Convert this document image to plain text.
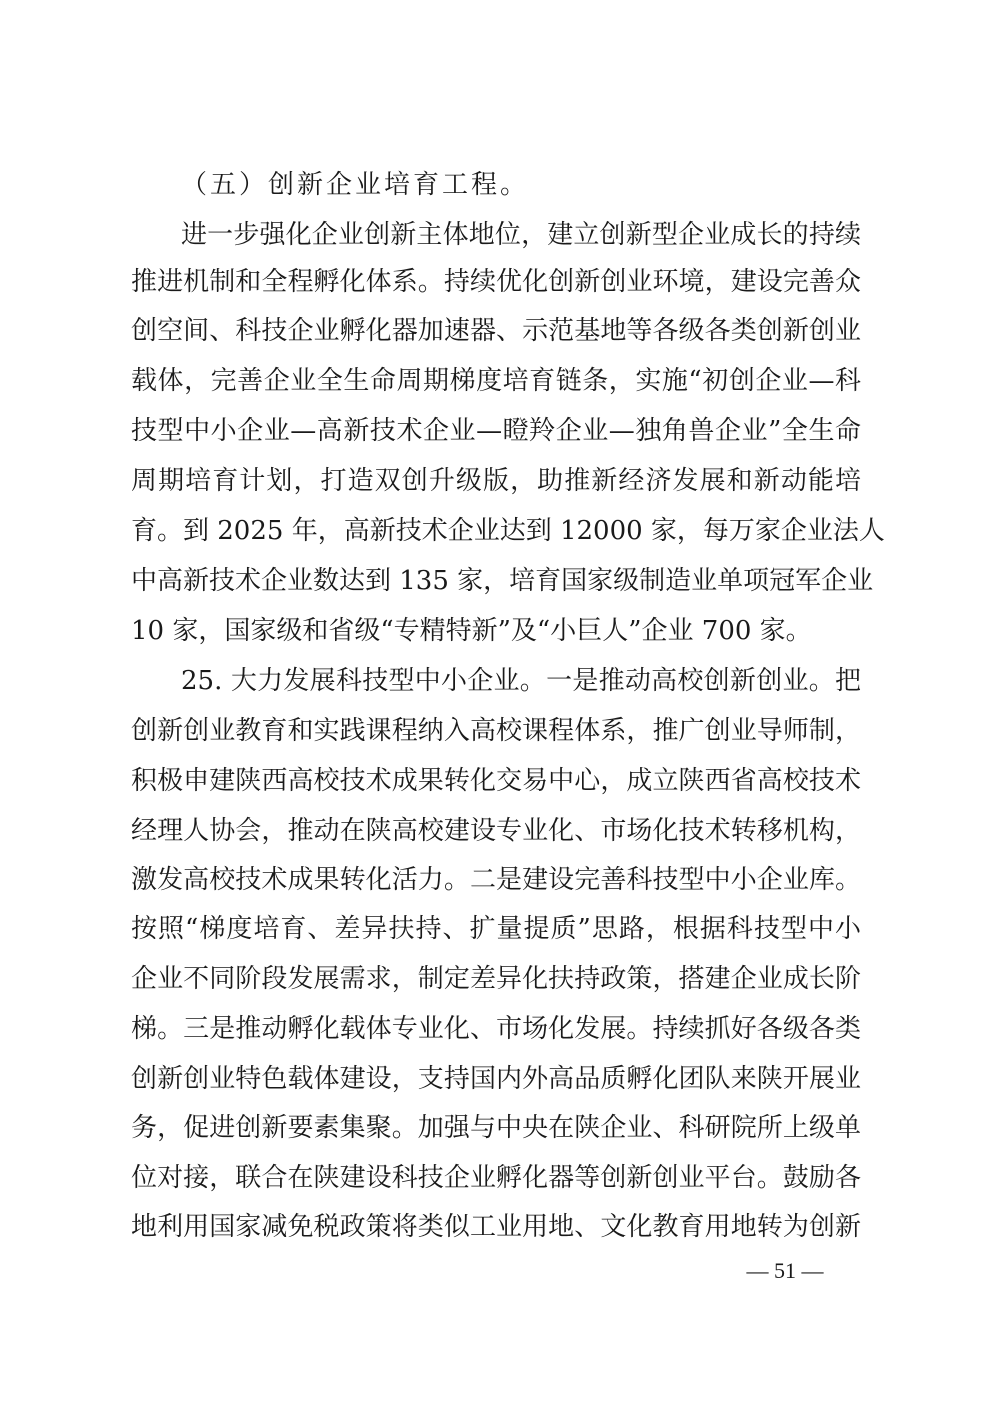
（五）创新企业培育工程。
进一步强化企业创新主体地位，建立创新型企业成长的持续
推进机制和全程孵化体系。持续优化创新创业环境，建设完善众
创空间、科技企业孵化器加速器、示范基地等各级各类创新创业
载体，完善企业全生命周期梯度培育链条，实施“初创企业—科
技型中小企业—高新技术企业—瞪羚企业—独角兽企业”全生命
周期培育计划，打造双创升级版，助推新经济发展和新动能培
育。到 2025 年，高新技术企业达到 12000 家，每万家企业法人
中高新技术企业数达到 135 家，培育国家级制造业单项冠军企业
10 家，国家级和省级“专精特新”及“小巨人”企业 700 家。
25. 大力发展科技型中小企业。一是推动高校创新创业。把
创新创业教育和实践课程纳入高校课程体系，推广创业导师制，
积极申建陕西高校技术成果转化交易中心，成立陕西省高校技术
经理人协会，推动在陕高校建设专业化、市场化技术转移机构，
激发高校技术成果转化活力。二是建设完善科技型中小企业库。
按照“梯度培育、差异扶持、扩量提质”思路，根据科技型中小
企业不同阶段发展需求，制定差异化扶持政策，搭建企业成长阶
梯。三是推动孵化载体专业化、市场化发展。持续抓好各级各类
创新创业特色载体建设，支持国内外高品质孵化团队来陕开展业
务，促进创新要素集聚。加强与中央在陕企业、科研院所上级单
位对接，联合在陕建设科技企业孵化器等创新创业平台。鼓励各
地利用国家减免税政策将类似工业用地、文化教育用地转为创新
— 51 —
